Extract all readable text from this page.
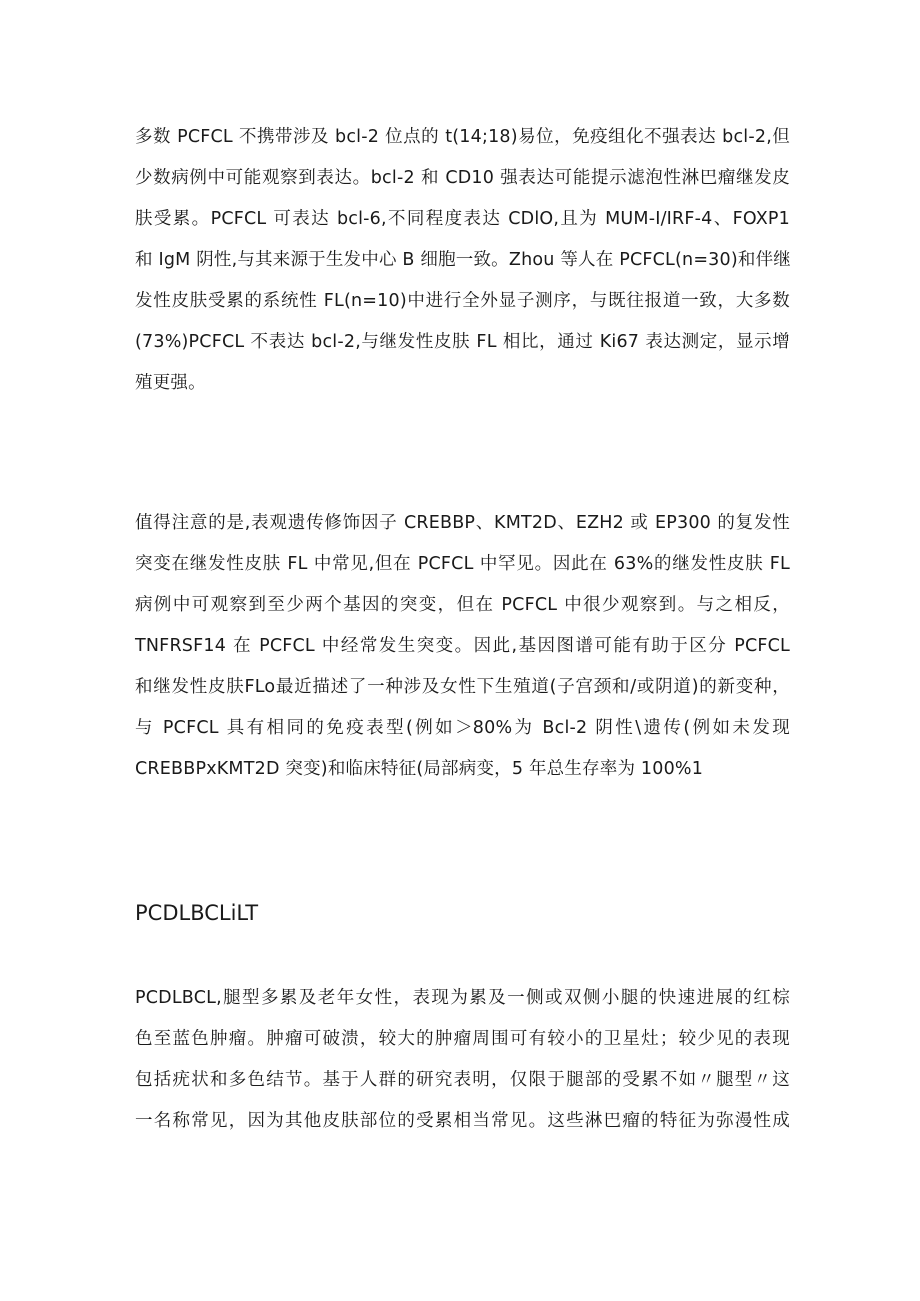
多数 PCFCL 不携带涉及 bcl-2 位点的 t(14;18)易位，免疫组化不强表达 bcl-2,但
少数病例中可能观察到表达。bcl-2 和 CD10 强表达可能提示滤泡性淋巴瘤继发皮
肤受累。PCFCL 可表达 bcl-6,不同程度表达 CDlO,且为 MUM-I/IRF-4、FOXP1
和 IgM 阴性,与其来源于生发中心 B 细胞一致。Zhou 等人在 PCFCL(n=30)和伴继
发性皮肤受累的系统性 FL(n=10)中进行全外显子测序，与既往报道一致，大多数
(73%)PCFCL 不表达 bcl-2,与继发性皮肤 FL 相比，通过 Ki67 表达测定，显示增
殖更强。
值得注意的是,表观遗传修饰因子 CREBBP、KMT2D、EZH2 或 EP300 的复发性
突变在继发性皮肤 FL 中常见,但在 PCFCL 中罕见。因此在 63%的继发性皮肤 FL
病例中可观察到至少两个基因的突变，但在 PCFCL 中很少观察到。与之相反，
TNFRSF14 在 PCFCL 中经常发生突变。因此,基因图谱可能有助于区分 PCFCL
和继发性皮肤FLo最近描述了一种涉及女性下生殖道(子宫颈和/或阴道)的新变种，
与 PCFCL 具有相同的免疫表型(例如＞80%为 Bcl-2 阴性\遗传(例如未发现
CREBBPxKMT2D 突变)和临床特征(局部病变，5 年总生存率为 100%1
PCDLBCLiLT
PCDLBCL,腿型多累及老年女性，表现为累及一侧或双侧小腿的快速进展的红棕
色至蓝色肿瘤。肿瘤可破溃，较大的肿瘤周围可有较小的卫星灶；较少见的表现
包括疣状和多色结节。基于人群的研究表明，仅限于腿部的受累不如〃腿型〃这
一名称常见，因为其他皮肤部位的受累相当常见。这些淋巴瘤的特征为弥漫性成
